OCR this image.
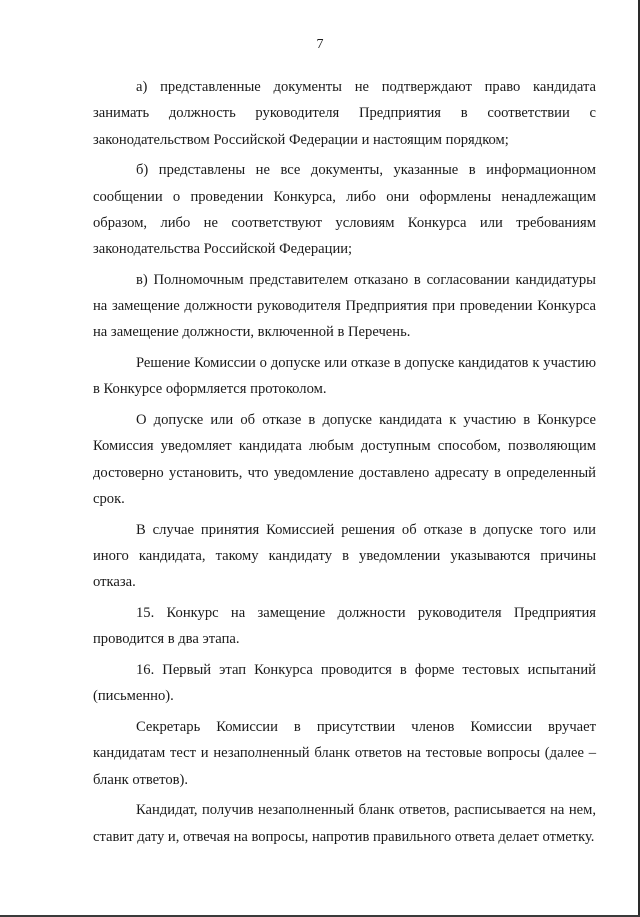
7

а) представленные документы не подтверждают право кандидата занимать должность руководителя Предприятия в соответствии с законодательством Российской Федерации и настоящим порядком;

б) представлены не все документы, указанные в информационном сообщении о проведении Конкурса, либо они оформлены ненадлежащим образом, либо не соответствуют условиям Конкурса или требованиям законодательства Российской Федерации;

в) Полномочным представителем отказано в согласовании кандидатуры на замещение должности руководителя Предприятия при проведении Конкурса на замещение должности, включенной в Перечень.

Решение Комиссии о допуске или отказе в допуске кандидатов к участию в Конкурсе оформляется протоколом.

О допуске или об отказе в допуске кандидата к участию в Конкурсе Комиссия уведомляет кандидата любым доступным способом, позволяющим достоверно установить, что уведомление доставлено адресату в определенный срок.

В случае принятия Комиссией решения об отказе в допуске того или иного кандидата, такому кандидату в уведомлении указываются причины отказа.

15. Конкурс на замещение должности руководителя Предприятия проводится в два этапа.

16. Первый этап Конкурса проводится в форме тестовых испытаний (письменно).

Секретарь Комиссии в присутствии членов Комиссии вручает кандидатам тест и незаполненный бланк ответов на тестовые вопросы (далее – бланк ответов).

Кандидат, получив незаполненный бланк ответов, расписывается на нем, ставит дату и, отвечая на вопросы, напротив правильного ответа делает отметку.
